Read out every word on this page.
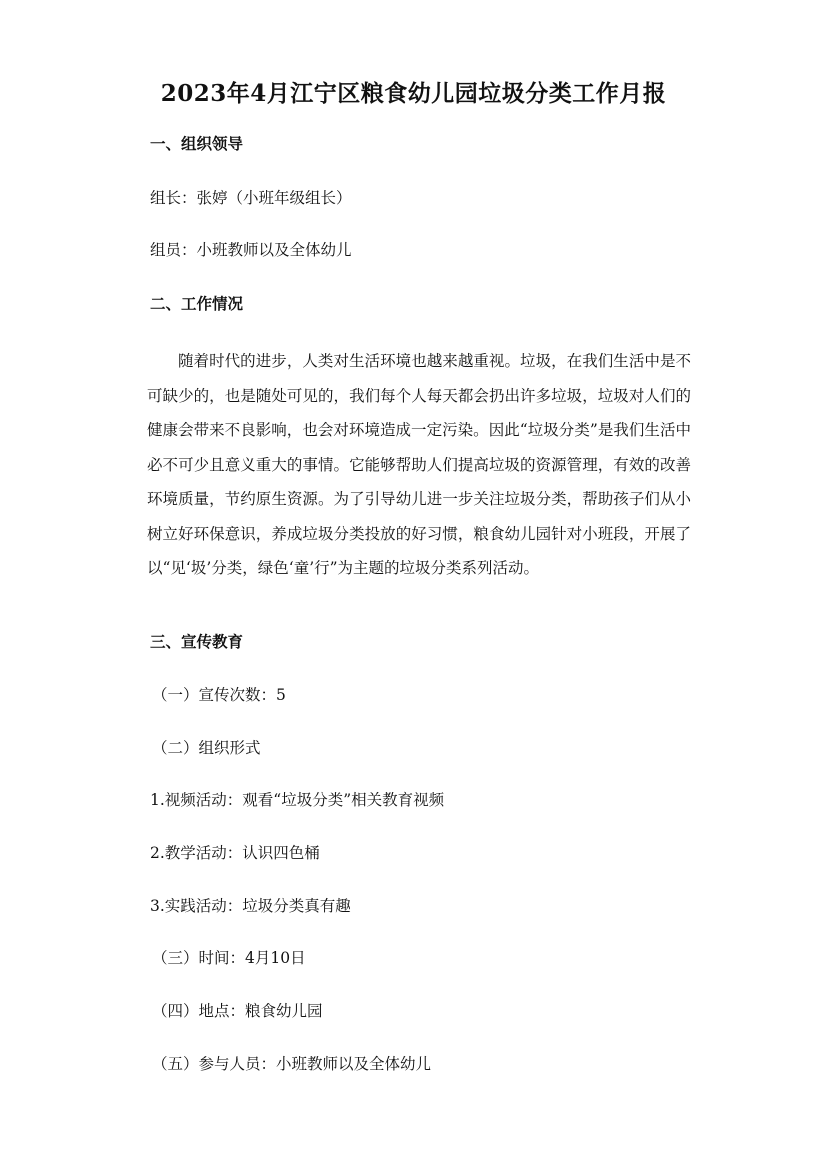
2023年4月江宁区粮食幼儿园垃圾分类工作月报
一、组织领导
组长：张婷（小班年级组长）
组员：小班教师以及全体幼儿
二、工作情况
随着时代的进步，人类对生活环境也越来越重视。垃圾，在我们生活中是不可缺少的，也是随处可见的，我们每个人每天都会扔出许多垃圾，垃圾对人们的健康会带来不良影响，也会对环境造成一定污染。因此“垃圾分类”是我们生活中必不可少且意义重大的事情。它能够帮助人们提高垃圾的资源管理，有效的改善环境质量，节约原生资源。为了引导幼儿进一步关注垃圾分类，帮助孩子们从小树立好环保意识，养成垃圾分类投放的好习惯，粮食幼儿园针对小班段，开展了以“见‘圾’分类，绿色‘童’行”为主题的垃圾分类系列活动。
三、宣传教育
（一）宣传次数：5
（二）组织形式
1.视频活动：观看“垃圾分类”相关教育视频
2.教学活动：认识四色桶
3.实践活动：垃圾分类真有趣
（三）时间：4月10日
（四）地点：粮食幼儿园
（五）参与人员：小班教师以及全体幼儿
